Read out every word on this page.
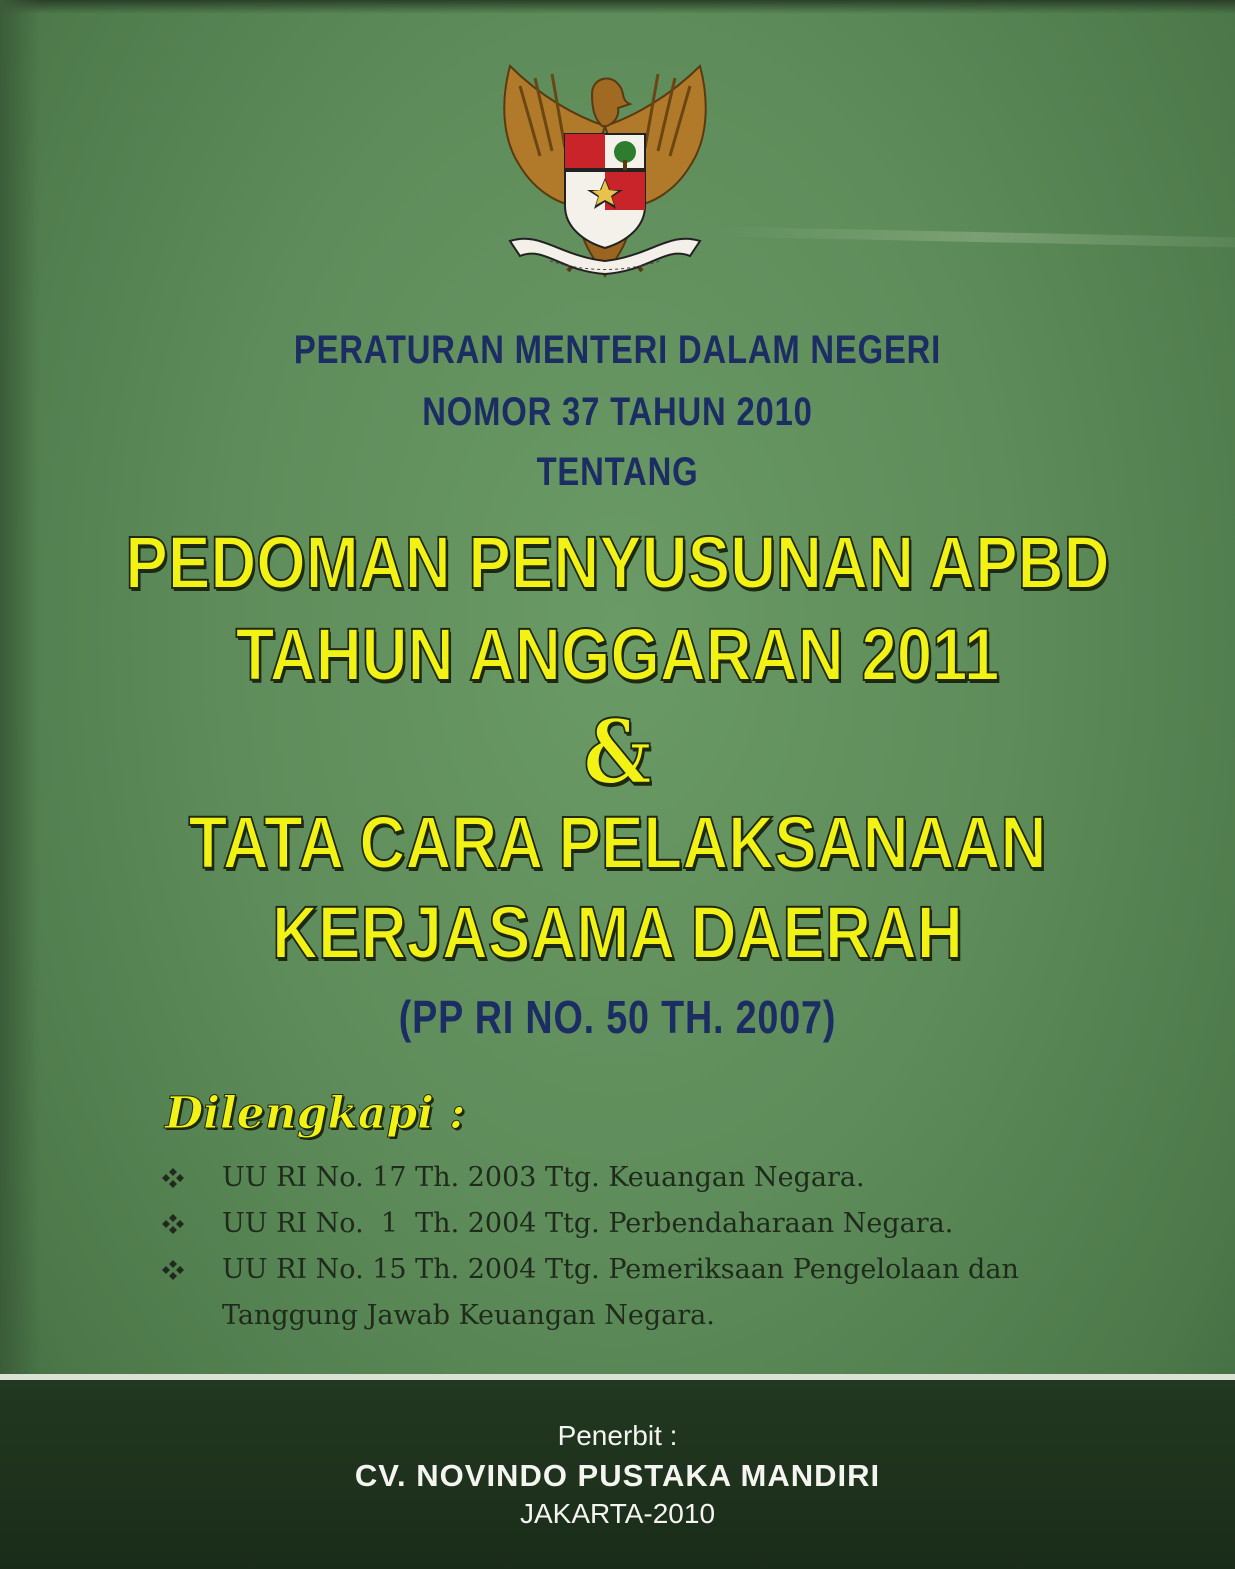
PERATURAN MENTERI DALAM NEGERI
NOMOR 37 TAHUN 2010
TENTANG
PEDOMAN PENYUSUNAN APBD
TAHUN ANGGARAN 2011
&
TATA CARA PELAKSANAAN
KERJASAMA DAERAH
(PP RI NO. 50 TH. 2007)
Dilengkapi :
UU RI No. 17 Th. 2003 Ttg. Keuangan Negara.
UU RI No.  1  Th. 2004 Ttg. Perbendaharaan Negara.
UU RI No. 15 Th. 2004 Ttg. Pemeriksaan Pengelolaan dan
Tanggung Jawab Keuangan Negara.
Penerbit :
CV. NOVINDO PUSTAKA MANDIRI
JAKARTA-2010
